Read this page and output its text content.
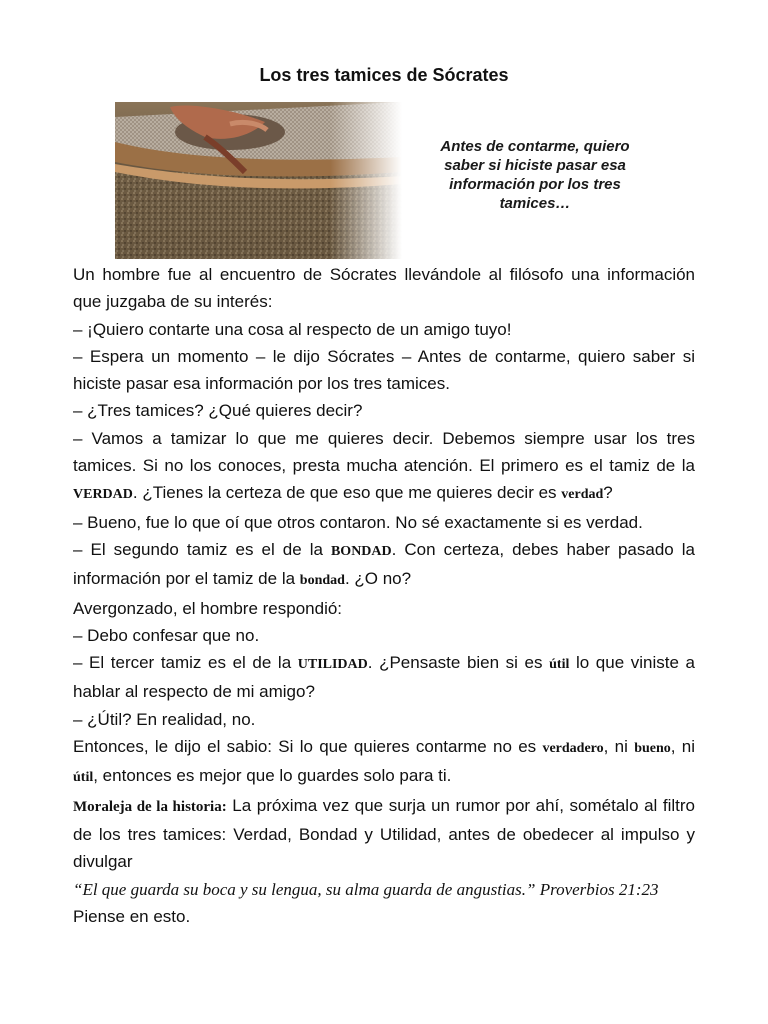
Los tres tamices de Sócrates
Antes de contarme, quiero
saber si hiciste pasar esa
información por los tres
tamices…

Un hombre fue al encuentro de Sócrates llevándole al filósofo una información que juzgaba de su interés:

– ¡Quiero contarte una cosa al respecto de un amigo tuyo!

– Espera un momento – le dijo Sócrates – Antes de contarme, quiero saber si hiciste pasar esa información por los tres tamices.

– ¿Tres tamices? ¿Qué quieres decir?

– Vamos a tamizar lo que me quieres decir. Debemos siempre usar los tres tamices. Si no los conoces, presta mucha atención. El primero es el tamiz de la VERDAD. ¿Tienes la certeza de que eso que me quieres decir es verdad?

– Bueno, fue lo que oí que otros contaron. No sé exactamente si es verdad.

– El segundo tamiz es el de la BONDAD. Con certeza, debes haber pasado la información por el tamiz de la bondad. ¿O no?

Avergonzado, el hombre respondió:

– Debo confesar que no.

– El tercer tamiz es el de la UTILIDAD. ¿Pensaste bien si es útil lo que viniste a hablar al respecto de mi amigo?

– ¿Útil? En realidad, no.

Entonces, le dijo el sabio: Si lo que quieres contarme no es verdadero, ni bueno, ni útil, entonces es mejor que lo guardes solo para ti.

Moraleja de la historia: La próxima vez que surja un rumor por ahí, sométalo al filtro de los tres tamices: Verdad, Bondad y Utilidad, antes de obedecer al impulso y divulgar

“El que guarda su boca y su lengua, su alma guarda de angustias.” Proverbios 21:23

Piense en esto.
